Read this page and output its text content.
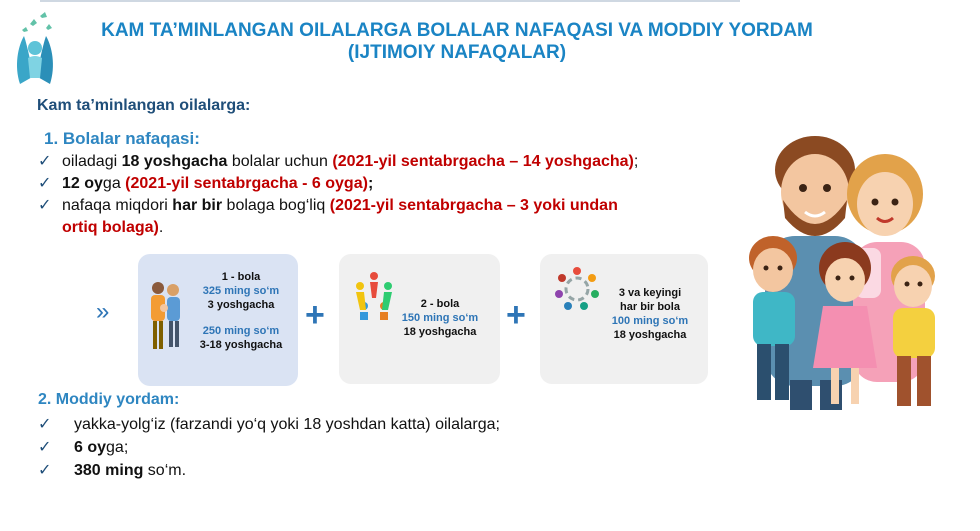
KAM TA’MINLANGAN OILALARGA BOLALAR NAFAQASI VA MODDIY YORDAM
(IJTIMOIY NAFAQALAR)
Kam ta’minlangan oilalarga:
1. Bolalar nafaqasi:
✓ oiladagi 18 yoshgacha bolalar uchun (2021-yil sentabrgacha – 14 yoshgacha);
✓ 12 oyga (2021-yil sentabrgacha - 6 oyga);
✓ nafaqa miqdori har bir bolaga bog‘liq (2021-yil sentabrgacha – 3 yoki undan
ortiq bolaga).
»
1 - bola
325 ming so‘m
3 yoshgacha
250 ming so‘m
3-18 yoshgacha
+	2 - bola
150 ming so‘m
18 yoshgacha +
3 va keyingi
har bir bola
100 ming so‘m
18 yoshgacha
2. Moddiy yordam:
✓ yakka-yolg‘iz (farzandi yo‘q yoki 18 yoshdan katta) oilalarga;
✓ 6 oyga;
✓ 380 ming so‘m.
